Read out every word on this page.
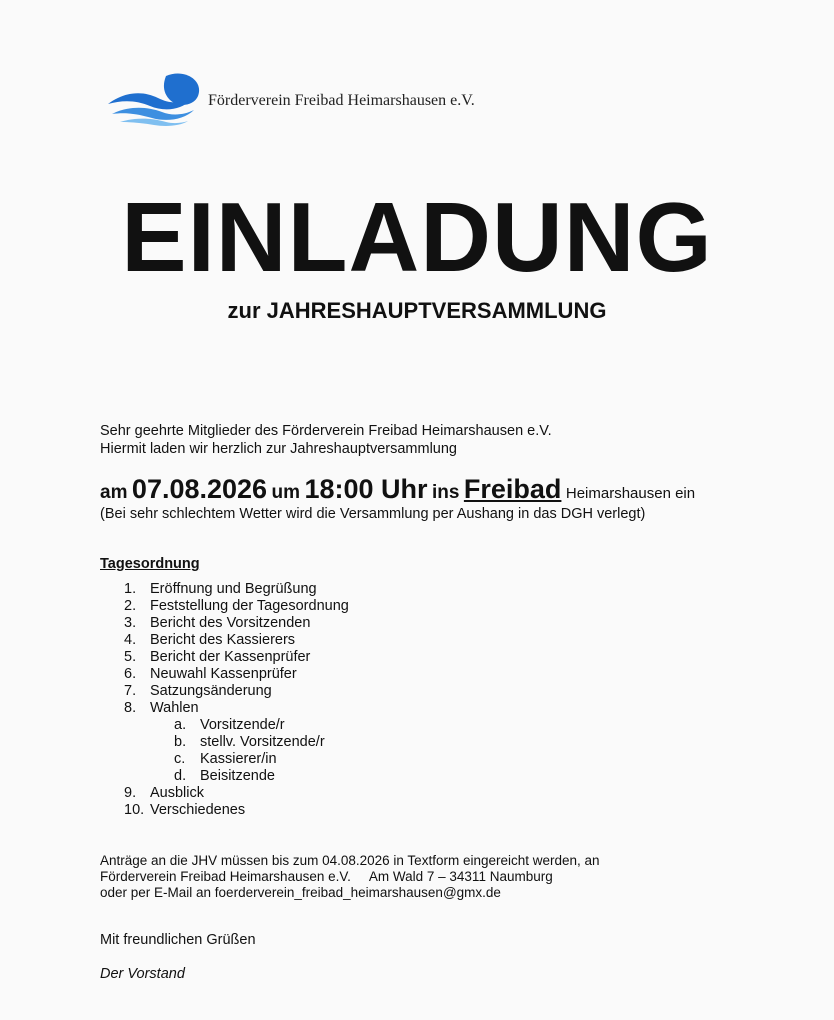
Förderverein Freibad Heimarshausen e.V.
EINLADUNG
zur JAHRESHAUPTVERSAMMLUNG
Sehr geehrte Mitglieder des Förderverein Freibad Heimarshausen e.V.
Hiermit laden wir herzlich zur Jahreshauptversammlung
am 07.08.2026 um 18:00 Uhr ins Freibad Heimarshausen ein
(Bei sehr schlechtem Wetter wird die Versammlung per Aushang in das DGH verlegt)
Tagesordnung
1. Eröffnung und Begrüßung
2. Feststellung der Tagesordnung
3. Bericht des Vorsitzenden
4. Bericht des Kassierers
5. Bericht der Kassenprüfer
6. Neuwahl Kassenprüfer
7. Satzungsänderung
8. Wahlen
a. Vorsitzende/r
b. stellv. Vorsitzende/r
c.	Kassierer/in
d. Beisitzende
9. Ausblick
10. Verschiedenes
Anträge an die JHV müssen bis zum 04.08.2026 in Textform eingereicht werden, an
Förderverein Freibad Heimarshausen e.V.     Am Wald 7 – 34311 Naumburg
oder per E-Mail an foerderverein_freibad_heimarshausen@gmx.de
Mit freundlichen Grüßen
Der Vorstand
